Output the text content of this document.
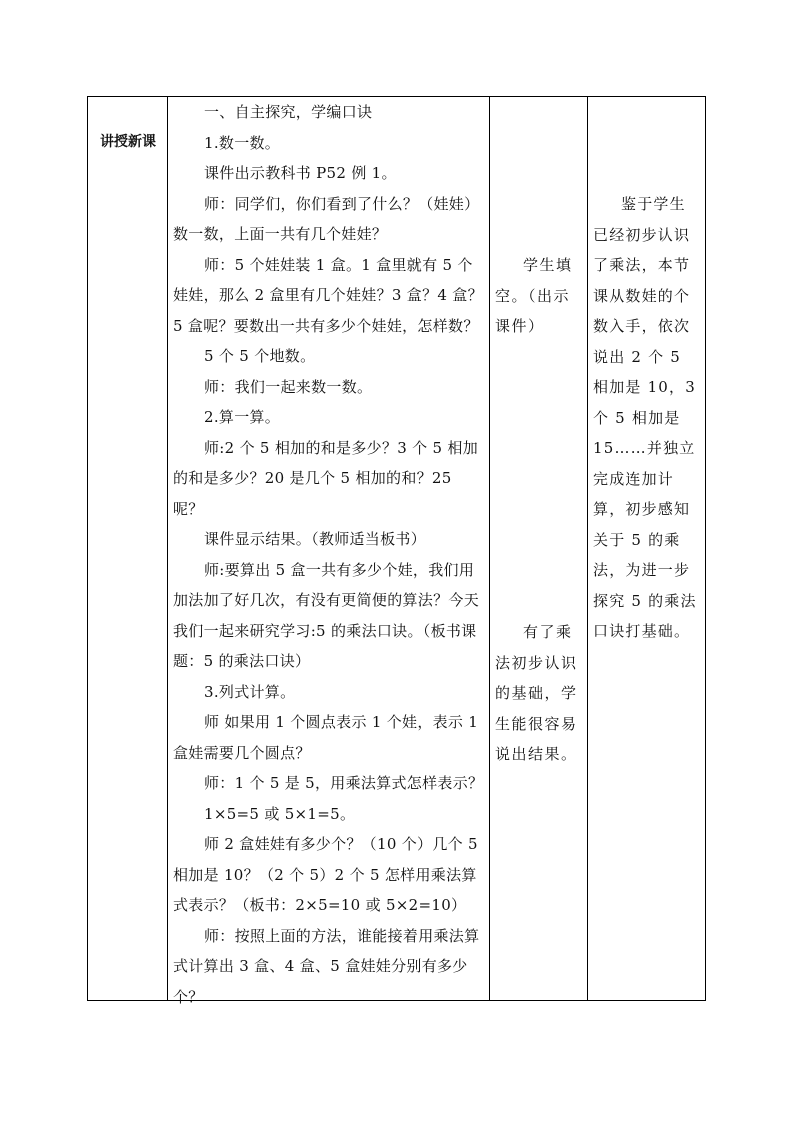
讲授新课

一、自主探究，学编口诀

1.数一数。

课件出示教科书 P52 例 1。

师：同学们，你们看到了什么？（娃娃）数一数，上面一共有几个娃娃？

师：5 个娃娃装 1 盒。1 盒里就有 5 个娃娃，那么 2 盒里有几个娃娃？3 盒？4 盒？5 盒呢？要数出一共有多少个娃娃，怎样数？

5 个 5 个地数。

师：我们一起来数一数。

2.算一算。

师:2 个 5 相加的和是多少？3 个 5 相加的和是多少？20 是几个 5 相加的和？25 呢？

课件显示结果。（教师适当板书）

师:要算出 5 盒一共有多少个娃，我们用加法加了好几次，有没有更简便的算法？今天我们一起来研究学习:5 的乘法口诀。（板书课题：5 的乘法口诀）

3.列式计算。

师 如果用 1 个圆点表示 1 个娃，表示 1 盒娃需要几个圆点？

师：1 个 5 是 5，用乘法算式怎样表示？

1×5=5 或 5×1=5。

师 2 盒娃娃有多少个？（10 个）几个 5 相加是 10？（2 个 5）2 个 5 怎样用乘法算式表示？（板书：2×5=10 或 5×2=10）

师：按照上面的方法，谁能接着用乘法算式计算出 3 盒、4 盒、5 盒娃娃分别有多少个？

学生填空。（出示课件）

有了乘法初步认识的基础，学生能很容易说出结果。

鉴于学生已经初步认识了乘法，本节课从数娃的个数入手，依次说出 2 个 5 相加是 10，3 个 5 相加是 15……并独立完成连加计算，初步感知关于 5 的乘法，为进一步探究 5 的乘法口诀打基础。
